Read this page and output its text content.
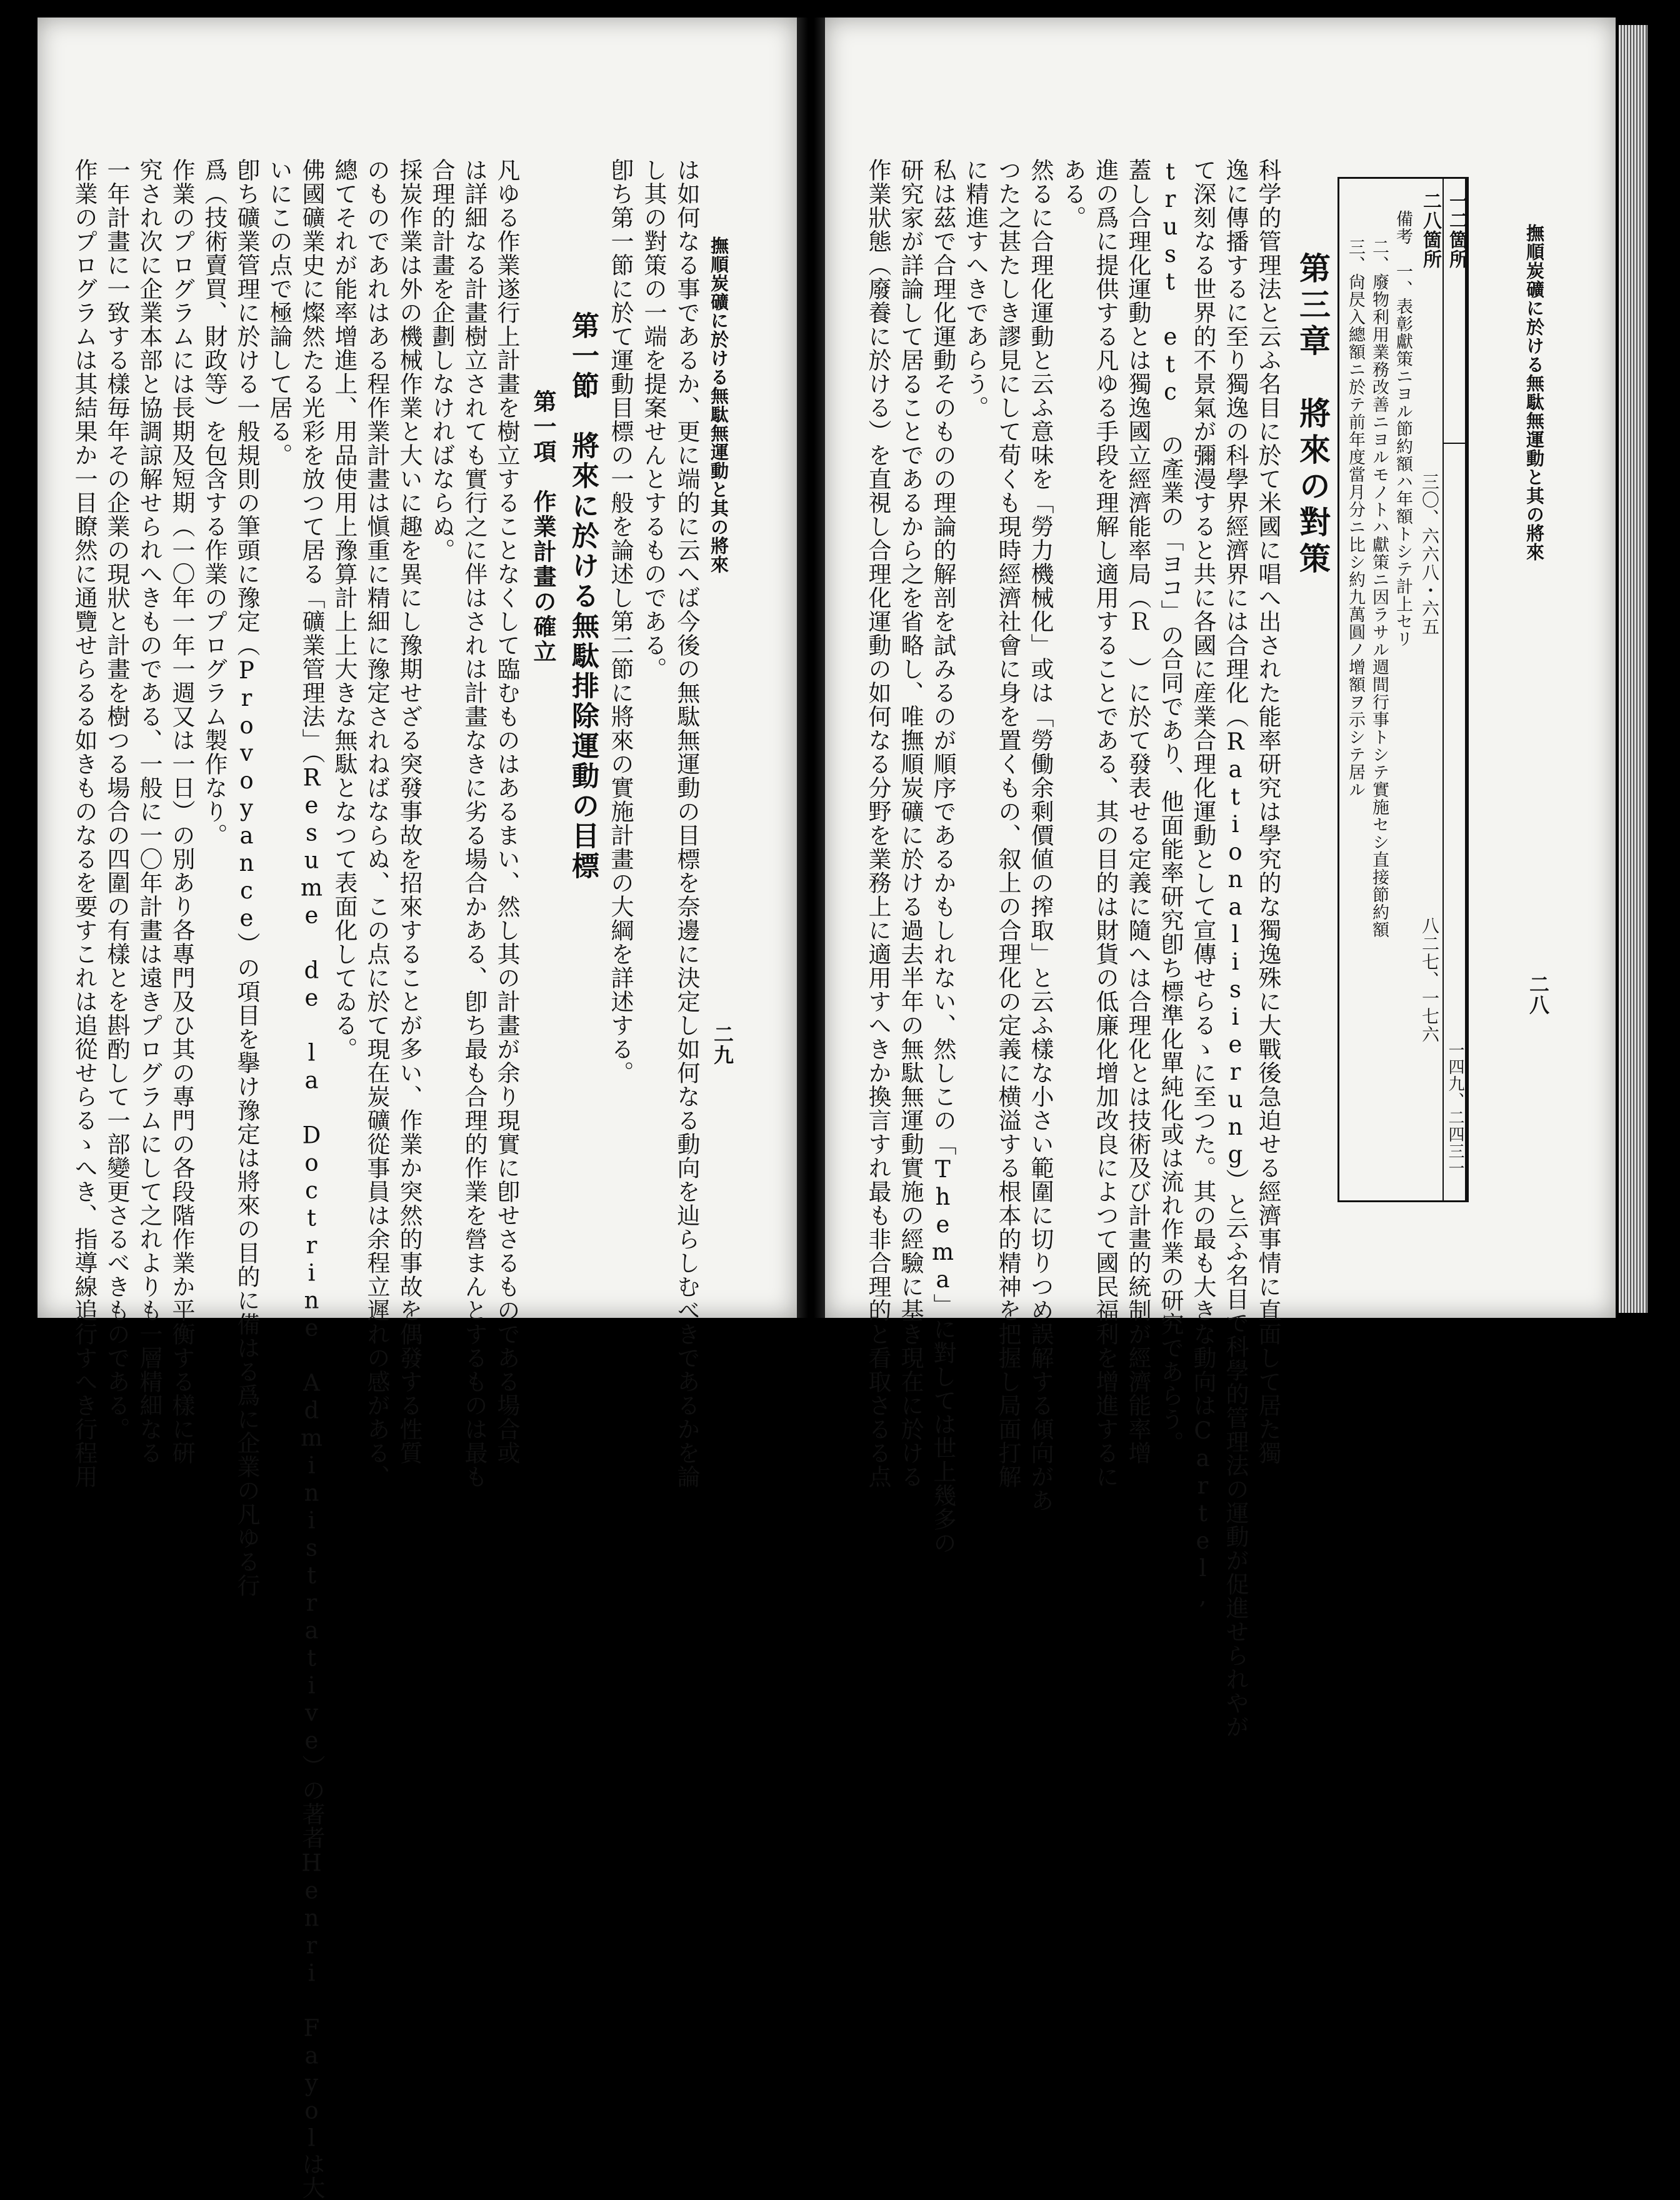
撫順炭礦に於ける無駄無運動と其の將來
二九
は如何なる事であるか、更に端的に云へば今後の無駄無運動の目標を奈邊に決定し如何なる動向を辿らしむべきであるかを論
し其の對策の一端を提案せんとするものである。
卽ち第一節に於て運動目標の一般を論述し第二節に將來の實施計畫の大綱を詳述する。
第一節　將來に於ける無駄排除運動の目標
第一項　作業計畫の確立
凡ゆる作業遂行上計畫を樹立することなくして臨むものはあるまい、然し其の計畫が余り現實に卽せさるものである場合或
は詳細なる計畫樹立されても實行之に伴はされは計畫なきに劣る場合かある、卽ち最も合理的作業を營まんとするものは最も
合理的計畫を企劃しなければならぬ。
採炭作業は外の機械作業と大いに趣を異にし豫期せざる突發事故を招來することが多い、作業か突然的事故を偶發する性質
のものであれはある程作業計畫は愼重に精細に豫定されねばならぬ、この点に於て現在炭礦從事員は余程立遲れの感がある、
總てそれが能率增進上、用品使用上豫算計上上大きな無駄となつて表面化してゐる。
佛國礦業史に燦然たる光彩を放つて居る「礦業管理法」（Resume de la Doctrine Administrative）の著者Henri Fayolは大
いにこの点で極論して居る。
卽ち礦業管理に於ける一般規則の筆頭に豫定（Provoyance）の項目を擧け豫定は將來の目的に備はる爲に企業の凡ゆる行
爲（技術賣買、財政等）を包含する作業のプログラム製作なり。
作業のプログラムには長期及短期（一〇年一年一週又は一日）の別あり各專門及ひ其の專門の各段階作業か平衡する樣に硏
究され次に企業本部と協調諒解せられへきものである、一般に一〇年計畫は遠きプログラムにして之れよりも一層精細なる
一年計畫に一致する樣毎年その企業の現狀と計畫を樹つる場合の四圍の有樣とを斟酌して一部變更さるべきものである。
作業のプログラムは其結果か一目瞭然に通覽せらるる如きものなるを要すこれは追從せらるゝへき、指導線追行すへき行程用	撫順炭礦に於ける無駄無運動と其の將來
二八
一二箇所
二八箇所
三〇、六六八・六五
八二七、一七六
一四九、二四三一
備考　一、表彰獻策ニヨル節約額ハ年額トシテ計上セリ
二、廢物利用業務改善ニヨルモノトハ獻策ニ因ラサル週間行事トシテ實施セシ直接節約額
三、尙昃入總額ニ於テ前年度當月分ニ比シ約九萬圓ノ增額ヲ示シテ居ル
第三章　將來の對策
科学的管理法と云ふ名目に於て米國に唱へ出された能率研究は學究的な獨逸殊に大戰後急迫せる經濟事情に直面して居た獨
逸に傳播するに至り獨逸の科學界經濟界には合理化（Rationalisierung）と云ふ名目で科學的管理法の運動が促進せられやが
て深刻なる世界的不景氣が彌漫すると共に各國に産業合理化運動として宣傳せらるゝに至つた。其の最も大きな動向はCartel,
trust etc の產業の「ヨコ」の合同であり、他面能率研究卽ち標準化單純化或は流れ作業の研究であらう。
蓋し合理化運動とは獨逸國立經濟能率局（Ｒ　）に於て發表せる定義に隨へは合理化とは技術及び計畫的統制が經濟能率增
進の爲に提供する凡ゆる手段を理解し適用することである、其の目的は財貨の低廉化增加改良によつて國民福利を增進するに
ある。
然るに合理化運動と云ふ意味を「勞力機械化」或は「勞働余剩價値の搾取」と云ふ樣な小さい範圍に切りつめ誤解する傾向があ
つた之甚たしき謬見にして荀くも現時經濟社會に身を置くもの、叙上の合理化の定義に横溢する根本的精神を把握し局面打解
に精進すへきであらう。
私は茲で合理化運動そのものの理論的解剖を試みるのが順序であるかもしれない、然しこの「Thema」に對しては世上幾多の
研究家が詳論して居ることであるから之を省略し、唯撫順炭礦に於ける過去半年の無駄無運動實施の經驗に基き現在に於ける
作業狀態（廢養に於ける）を直視し合理化運動の如何なる分野を業務上に適用すへきか換言すれ最も非合理的と看取さるる点
